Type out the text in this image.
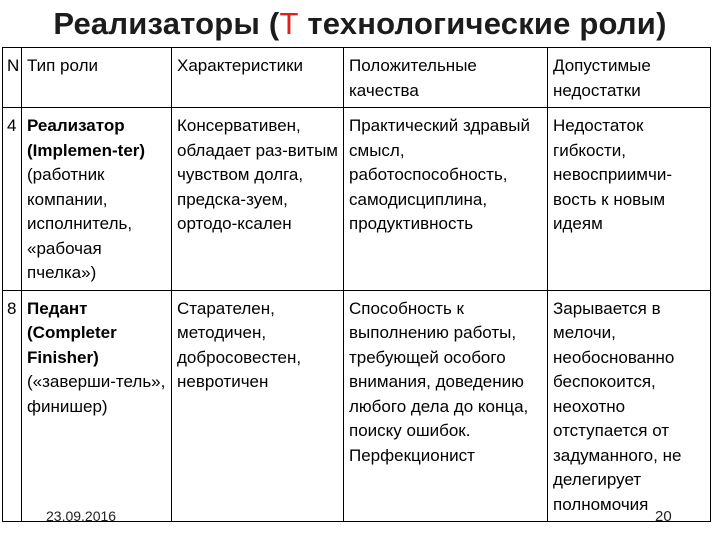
Реализаторы (Т технологические роли)
N	Тип роли	Характеристики	Положительные качества	Допустимые недостатки
4	Реализатор (Implemen-ter) (работник компании, исполнитель, «рабочая пчелка»)	Консервативен, обладает раз-витым чувством долга, предска-зуем, ортодо-ксален	Практический здравый смысл, работоспособность, самодисциплина, продуктивность	Недостаток гибкости, невосприимчи-вость к новым идеям
8	Педант (Completer Finisher) («заверши-тель», финишер)	Старателен, методичен, добросовестен, невротичен	Способность к выполнению работы, требующей особого внимания, доведению любого дела до конца, поиску ошибок. Перфекционист	Зарывается в мелочи, необоснованно беспокоится, неохотно отступается от задуманного, не делегирует полномочия
23.09.2016	20
